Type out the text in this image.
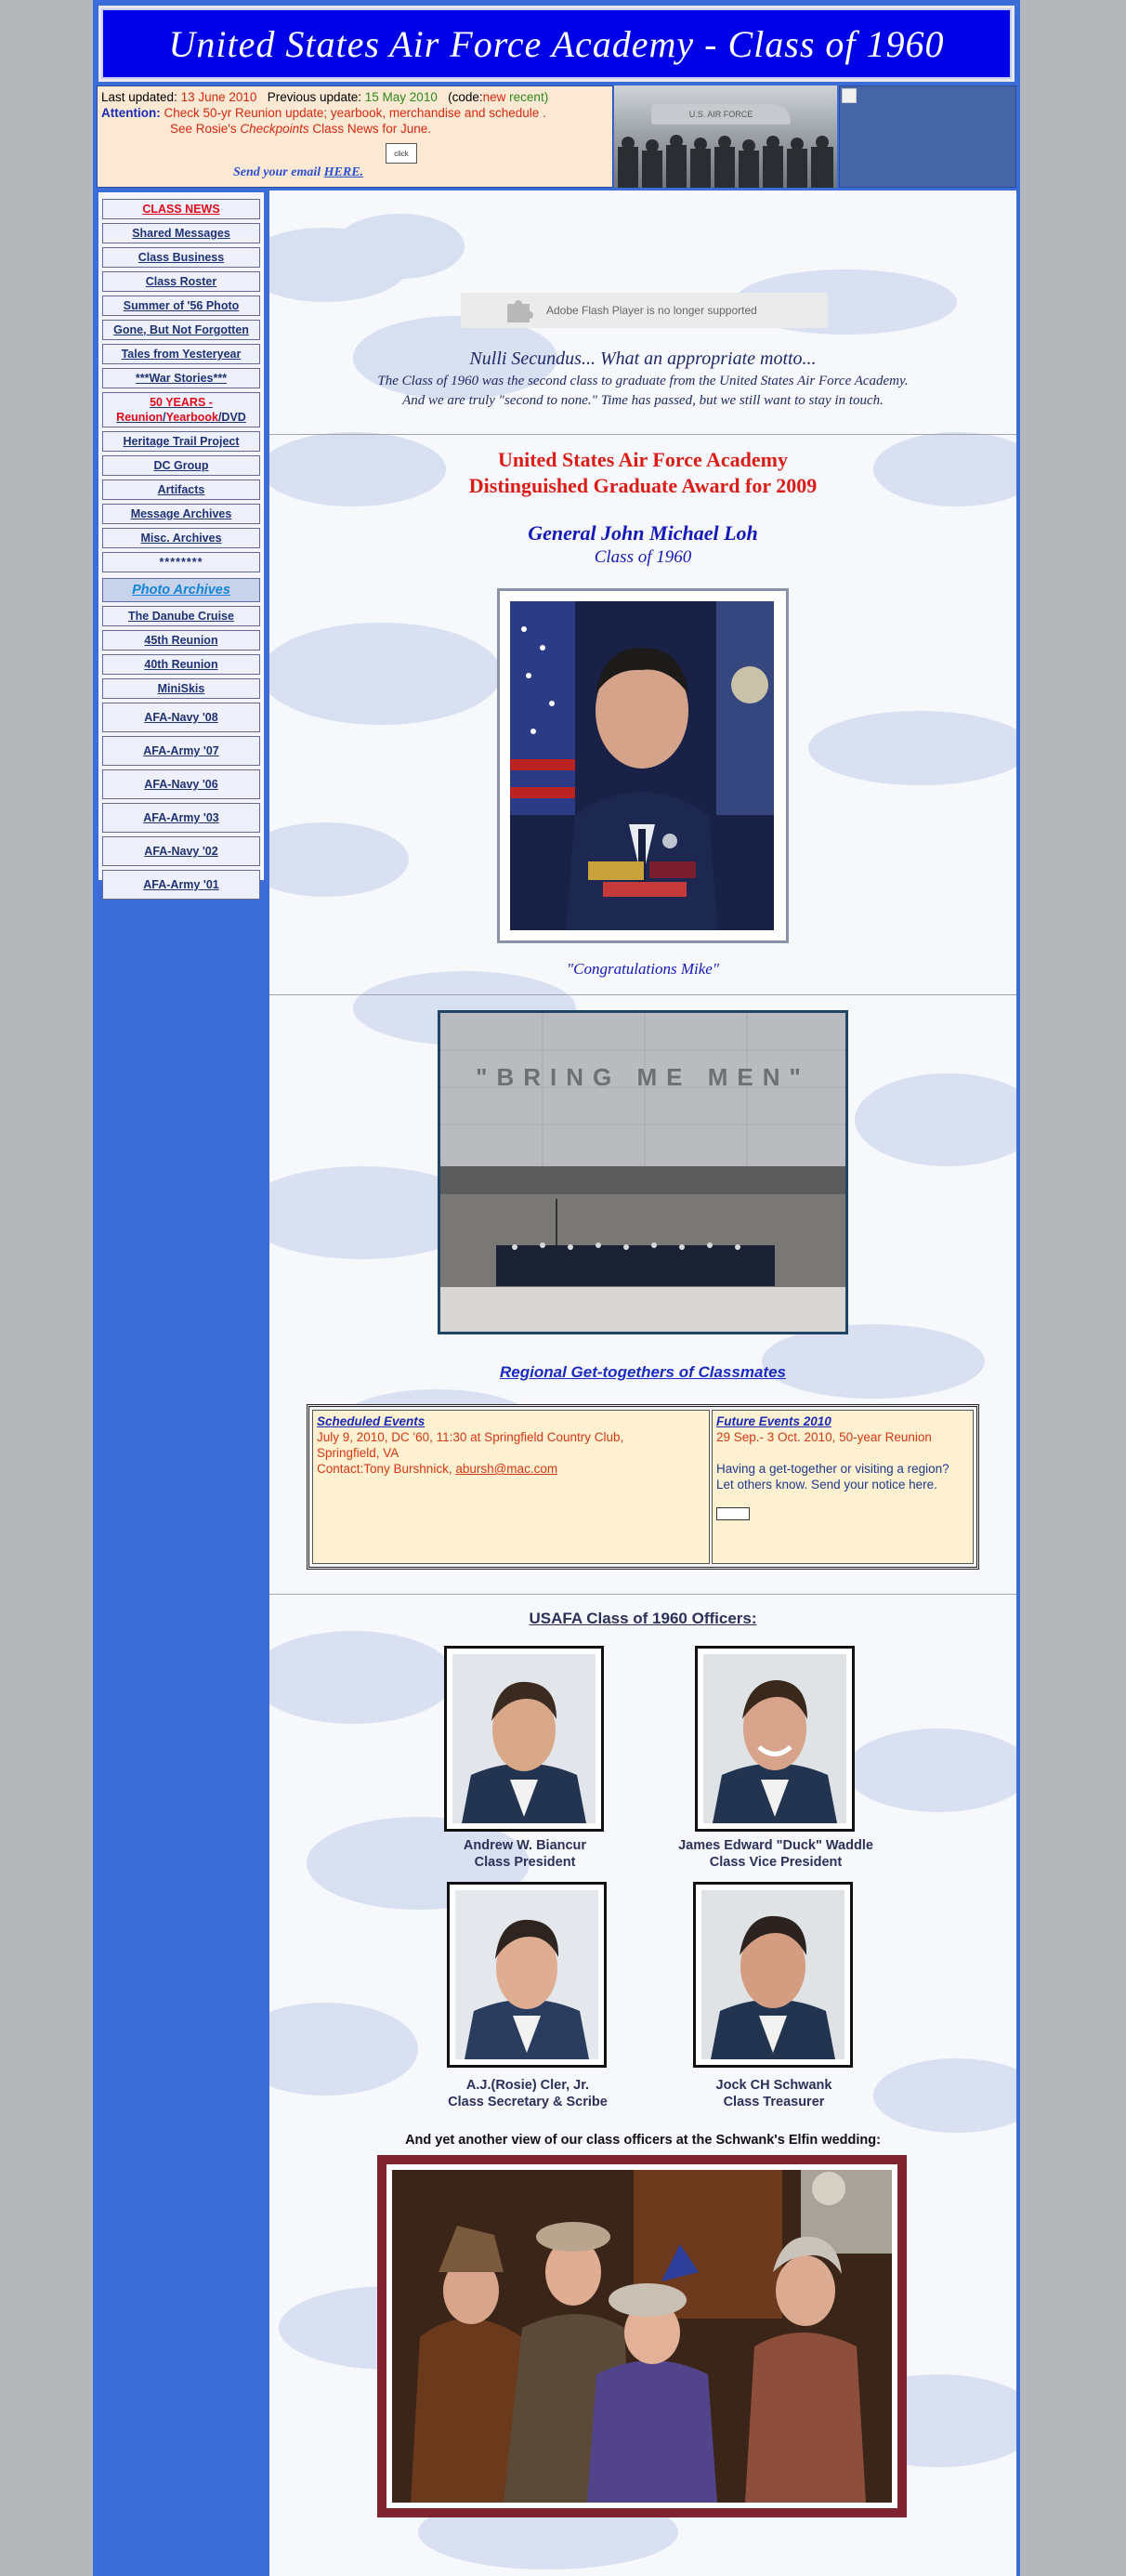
United States Air Force Academy - Class of 1960
Last updated: 13 June 2010 Previous update: 15 May 2010 (code:new recent)
Attention: Check 50-yr Reunion update; yearbook, merchandise and schedule .
See Rosie's Checkpoints Class News for June.
click
Send your email HERE.
U.S. AIR FORCE
CLASS NEWS
Shared Messages
Class Business
Class Roster
Summer of '56 Photo
Gone, But Not Forgotten
Tales from Yesteryear
***War Stories***
50 YEARS -
Reunion/Yearbook/DVD
Heritage Trail Project
DC Group
Artifacts
Message Archives
Misc. Archives
********
Photo Archives
The Danube Cruise
45th Reunion
40th Reunion
MiniSkis
AFA-Navy '08
AFA-Army '07
AFA-Navy '06
AFA-Army '03
AFA-Navy '02
AFA-Army '01
Adobe Flash Player is no longer supported
Nulli Secundus... What an appropriate motto...
The Class of 1960 was the second class to graduate from the United States Air Force Academy.
And we are truly "second to none." Time has passed, but we still want to stay in touch.
United States Air Force Academy
Distinguished Graduate Award for 2009
General John Michael Loh
Class of 1960
"Congratulations Mike"
"BRING ME MEN"
Regional Get-togethers of Classmates
Scheduled Events
July 9, 2010, DC '60, 11:30 at Springfield Country Club,
Springfield, VA
Contact:Tony Burshnick, abursh@mac.com
Future Events 2010
29 Sep.- 3 Oct. 2010, 50-year Reunion
Having a get-together or visiting a region?
Let others know. Send your notice here.
USAFA Class of 1960 Officers:
Andrew W. Biancur
Class President
James Edward "Duck" Waddle
Class Vice President
A.J.(Rosie) Cler, Jr.
Class Secretary & Scribe
Jock CH Schwank
Class Treasurer
And yet another view of our class officers at the Schwank's Elfin wedding:
